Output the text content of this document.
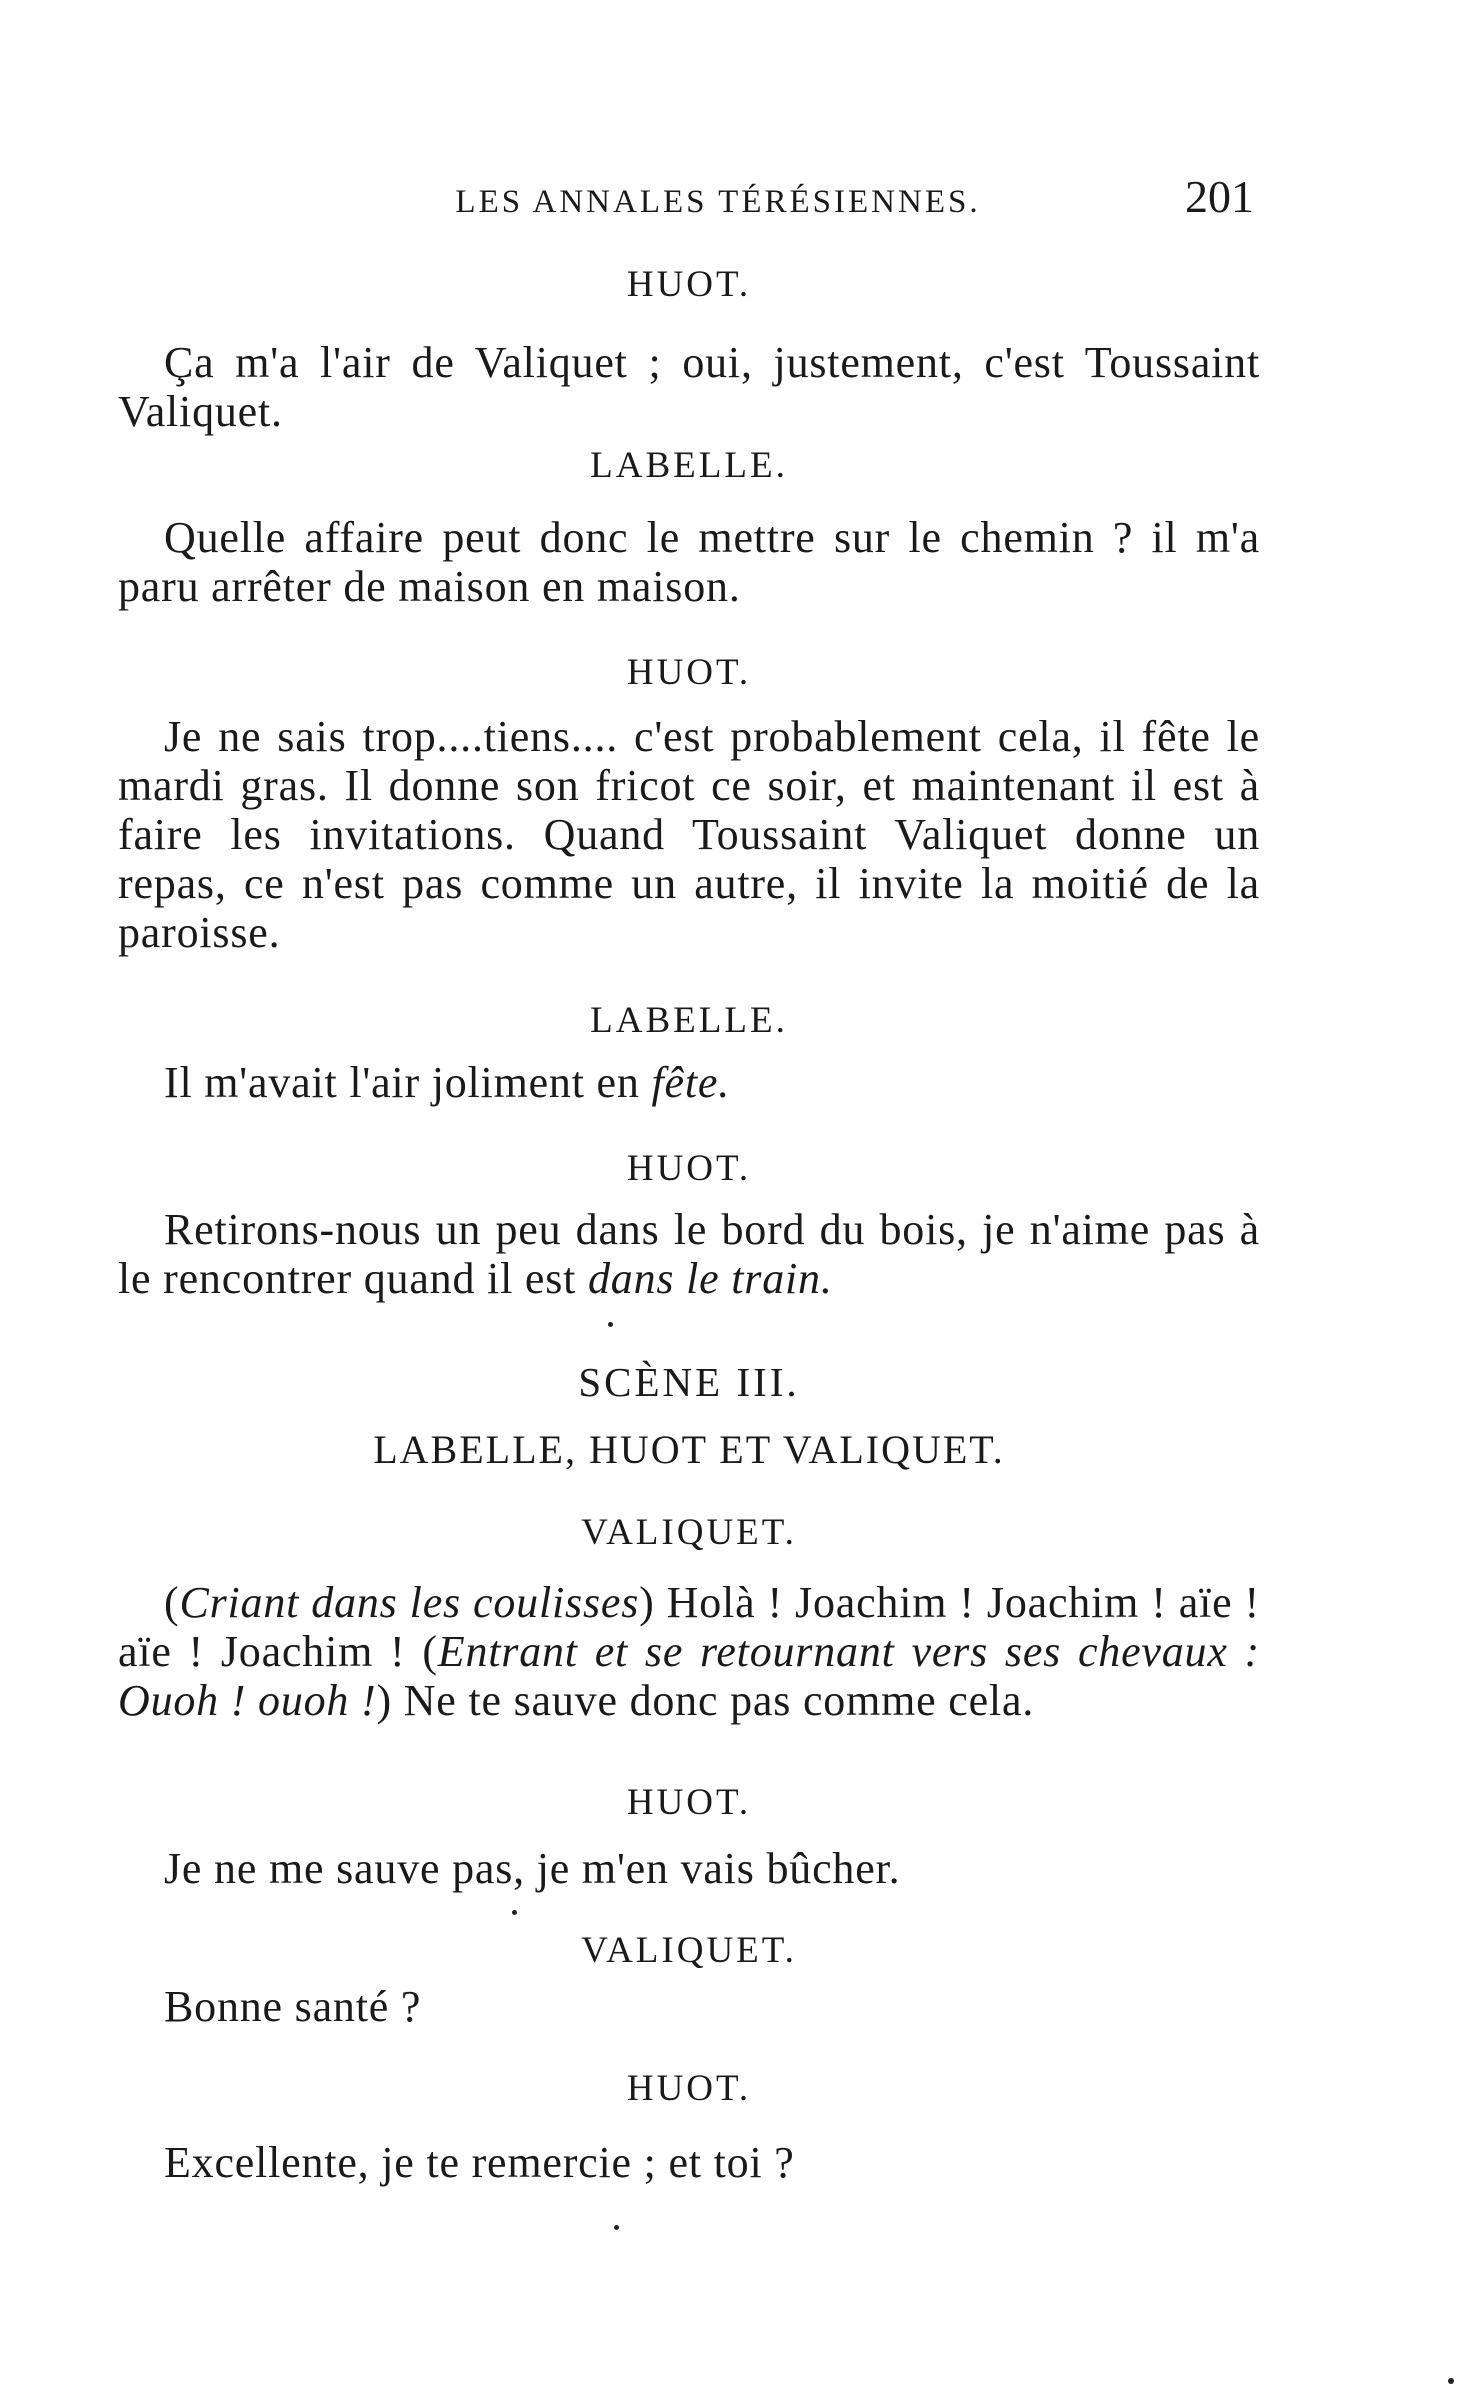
LES ANNALES TÉRÉSIENNES.	201
HUOT.
Ça m'a l'air de Valiquet ; oui, justement, c'est Toussaint Valiquet.
LABELLE.
Quelle affaire peut donc le mettre sur le chemin ? il m'a paru arrêter de maison en maison.
HUOT.
Je ne sais trop....tiens.... c'est probablement cela, il fête le mardi gras. Il donne son fricot ce soir, et maintenant il est à faire les invitations. Quand Toussaint Valiquet donne un repas, ce n'est pas comme un autre, il invite la moitié de la paroisse.
LABELLE.
Il m'avait l'air joliment en fête.
HUOT.
Retirons-nous un peu dans le bord du bois, je n'aime pas à le rencontrer quand il est dans le train.
SCÈNE III.
LABELLE, HUOT ET VALIQUET.
VALIQUET.
(Criant dans les coulisses) Holà ! Joachim ! Joachim ! aïe ! aïe ! Joachim ! (Entrant et se retournant vers ses chevaux : Ouoh ! ouoh !) Ne te sauve donc pas comme cela.
HUOT.
Je ne me sauve pas, je m'en vais bûcher.
VALIQUET.
Bonne santé ?
HUOT.
Excellente, je te remercie ; et toi ?
